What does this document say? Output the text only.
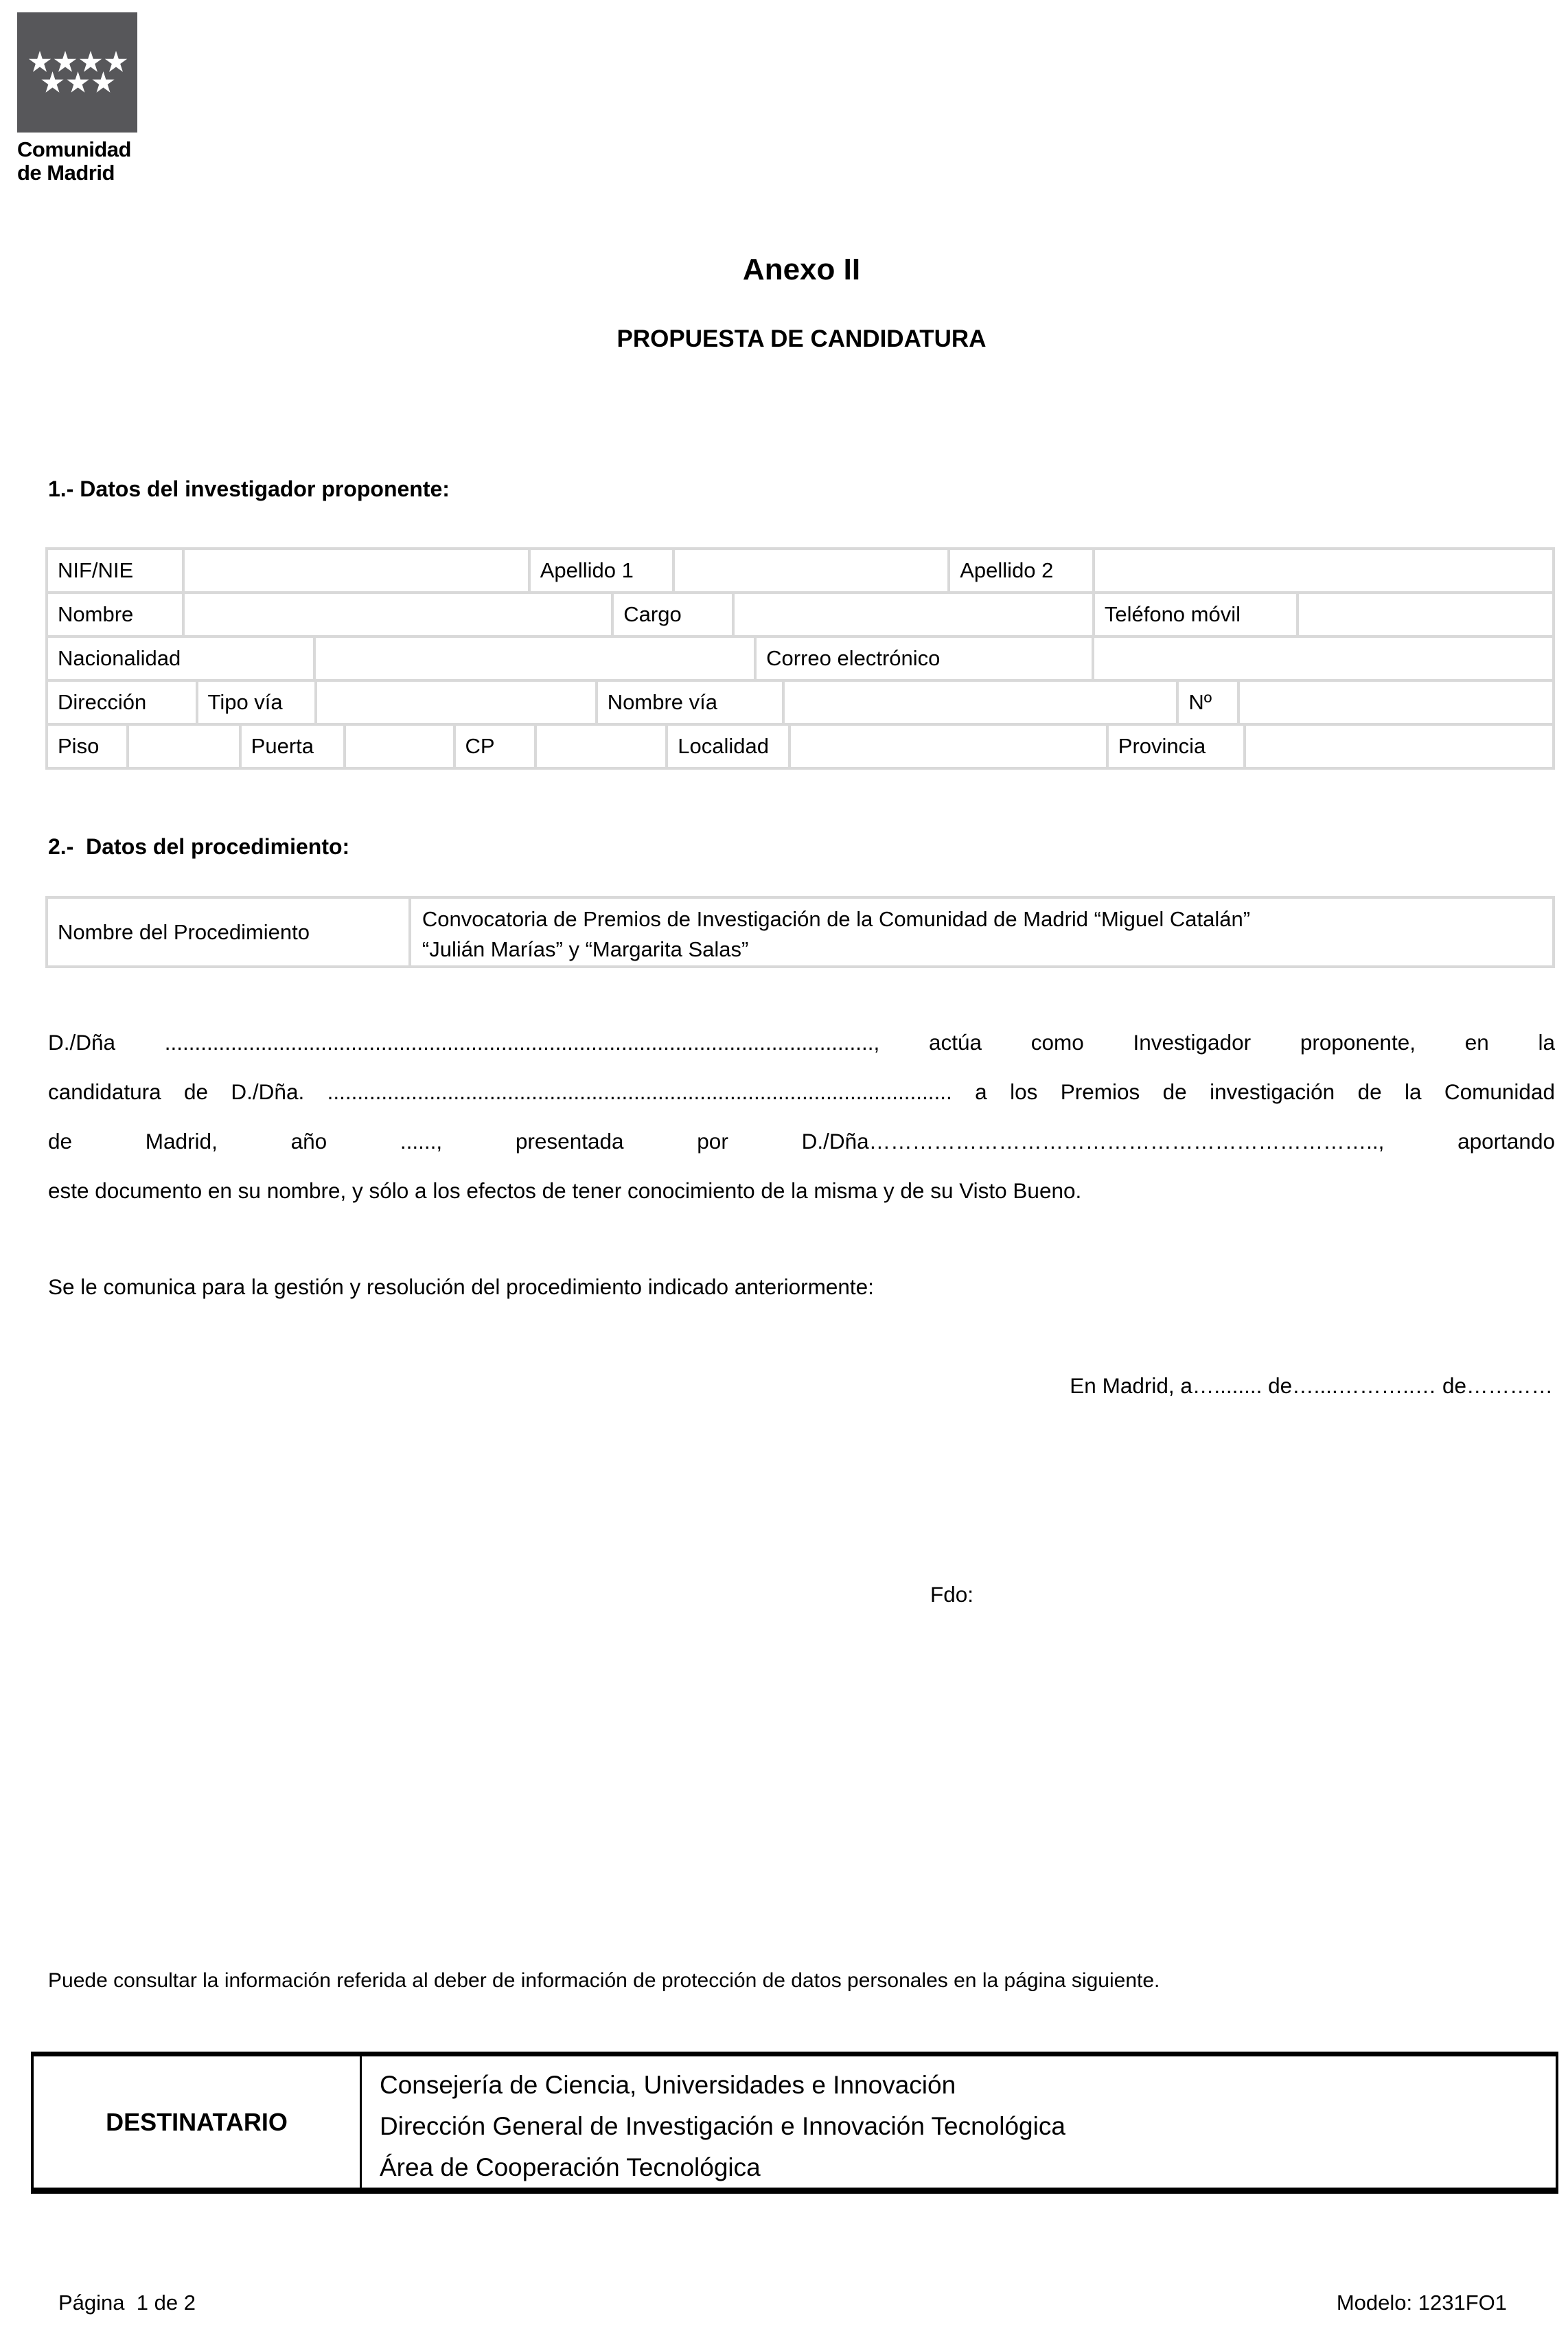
Comunidad
de Madrid
Anexo II
PROPUESTA DE CANDIDATURA
1.- Datos del investigador proponente:
NIF/NIE	Apellido 1	Apellido 2
Nombre	Cargo	Teléfono móvil
Nacionalidad	Correo electrónico
Dirección	Tipo vía	Nombre vía	Nº
Piso	Puerta	CP	Localidad	Provincia
2.-  Datos del procedimiento:
Nombre del Procedimiento
Convocatoria de Premios de Investigación de la Comunidad de Madrid “Miguel Catalán”
“Julián Marías” y “Margarita Salas”
D./Dña ......................................................................................................................, actúa como Investigador proponente, en la
candidatura de D./Dña. ........................................................................................................ a los Premios de investigación de la Comunidad
de Madrid, año ......, presentada por D./Dña…………………………………………………………….., aportando
este documento en su nombre, y sólo a los efectos de tener conocimiento de la misma y de su Visto Bueno.
Se le comunica para la gestión y resolución del procedimiento indicado anteriormente:
En Madrid, a…........ de…....………..… de…………
Fdo:
Puede consultar la información referida al deber de información de protección de datos personales en la página siguiente.
DESTINATARIO
Consejería de Ciencia, Universidades e Innovación
Dirección General de Investigación e Innovación Tecnológica
Área de Cooperación Tecnológica
Página  1 de 2	Modelo: 1231FO1
